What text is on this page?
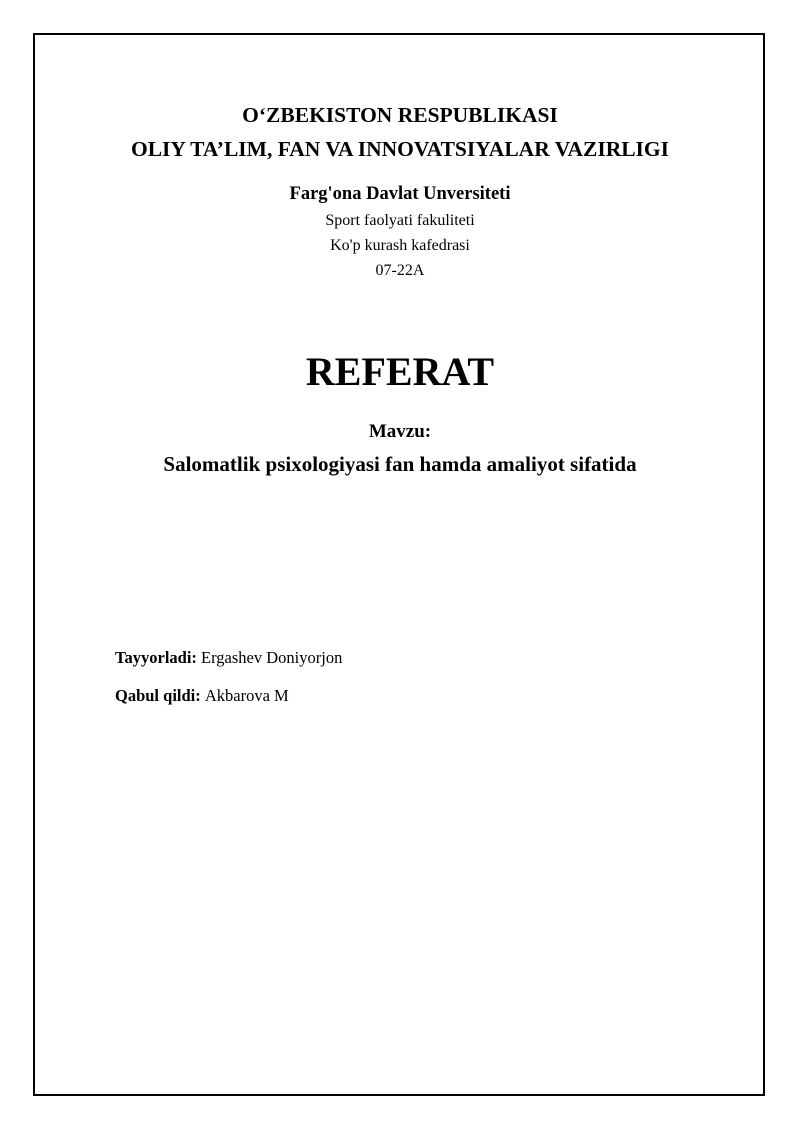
O‘ZBEKISTON RESPUBLIKASI
OLIY TA’LIM, FAN VA INNOVATSIYALAR VAZIRLIGI
Farg'ona Davlat Unversiteti
Sport faolyati fakuliteti
Ko'p kurash kafedrasi
07-22A
REFERAT
Mavzu:
Salomatlik psixologiyasi fan hamda amaliyot sifatida
Tayyorladi: Ergashev Doniyorjon
Qabul qildi: Akbarova M
